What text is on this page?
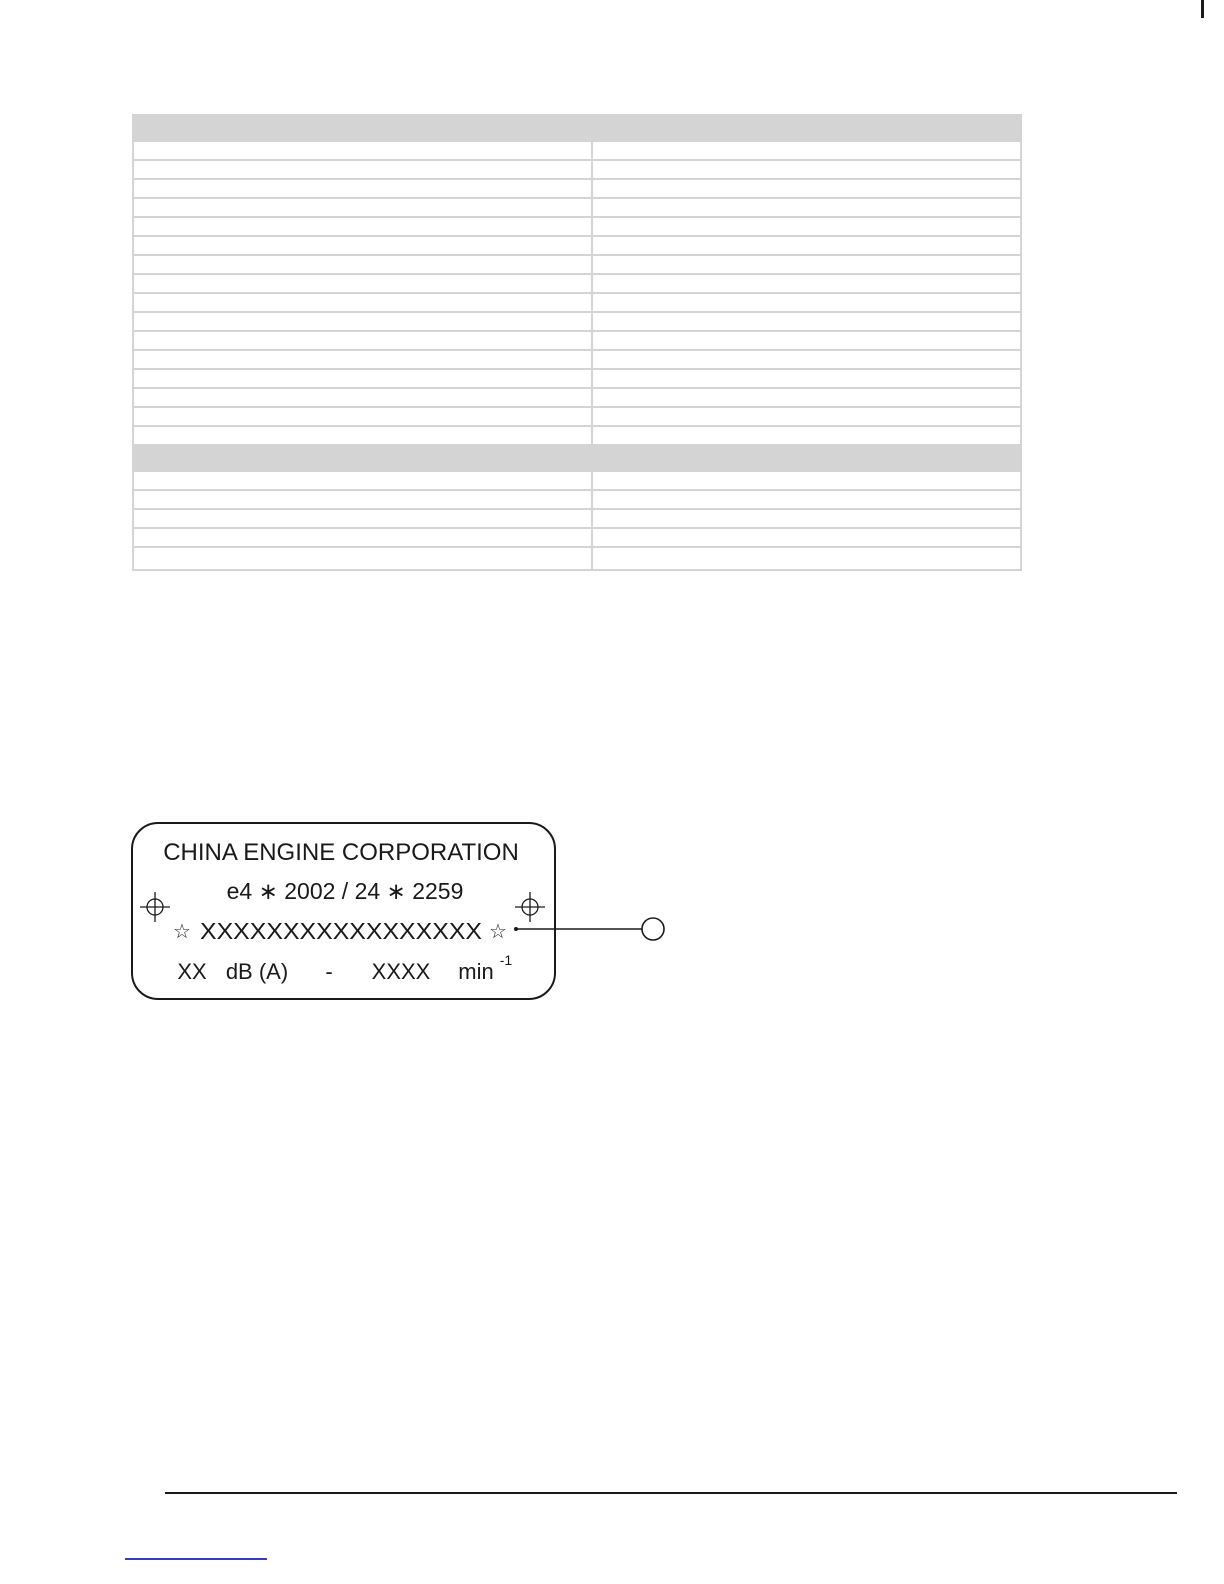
CHINA ENGINE CORPORATION
e4 ∗ 2002 / 24 ∗ 2259
☆ XXXXXXXXXXXXXXXXX ☆
XX dB (A) - XXXX min -1
